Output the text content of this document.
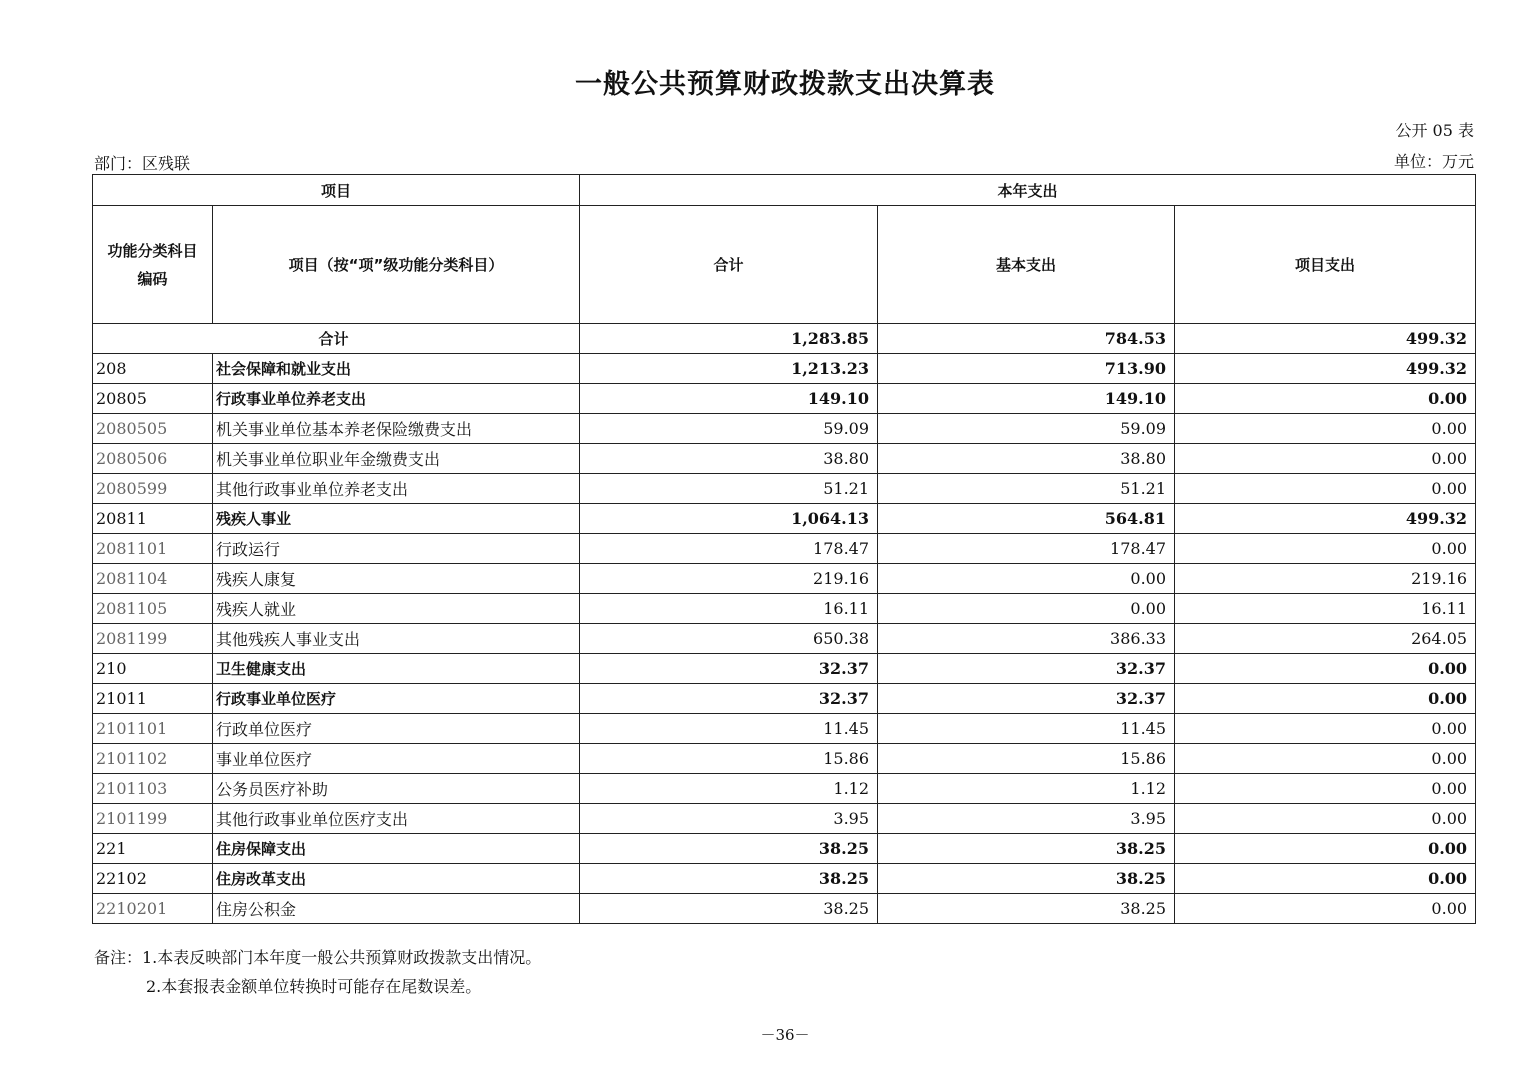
一般公共预算财政拨款支出决算表
公开 05 表
部门：区残联	单位：万元
项目		本年支出		

功能分类科目
编码	项目（按“项”级功能分类科目）	合计	基本支出	项目支出
合计		1,283.85	784.53	499.32
208	社会保障和就业支出	1,213.23	713.90	499.32
20805	行政事业单位养老支出	149.10	149.10	0.00
2080505	机关事业单位基本养老保险缴费支出	59.09	59.09	0.00
2080506	机关事业单位职业年金缴费支出	38.80	38.80	0.00
2080599	其他行政事业单位养老支出	51.21	51.21	0.00
20811	残疾人事业	1,064.13	564.81	499.32
2081101	行政运行	178.47	178.47	0.00
2081104	残疾人康复	219.16	0.00	219.16
2081105	残疾人就业	16.11	0.00	16.11
2081199	其他残疾人事业支出	650.38	386.33	264.05
210	卫生健康支出	32.37	32.37	0.00
21011	行政事业单位医疗	32.37	32.37	0.00
2101101	行政单位医疗	11.45	11.45	0.00
2101102	事业单位医疗	15.86	15.86	0.00
2101103	公务员医疗补助	1.12	1.12	0.00
2101199	其他行政事业单位医疗支出	3.95	3.95	0.00
221	住房保障支出	38.25	38.25	0.00
22102	住房改革支出	38.25	38.25	0.00
2210201	住房公积金	38.25	38.25	0.00
备注：1.本表反映部门本年度一般公共预算财政拨款支出情况。
2.本套报表金额单位转换时可能存在尾数误差。
－36－
